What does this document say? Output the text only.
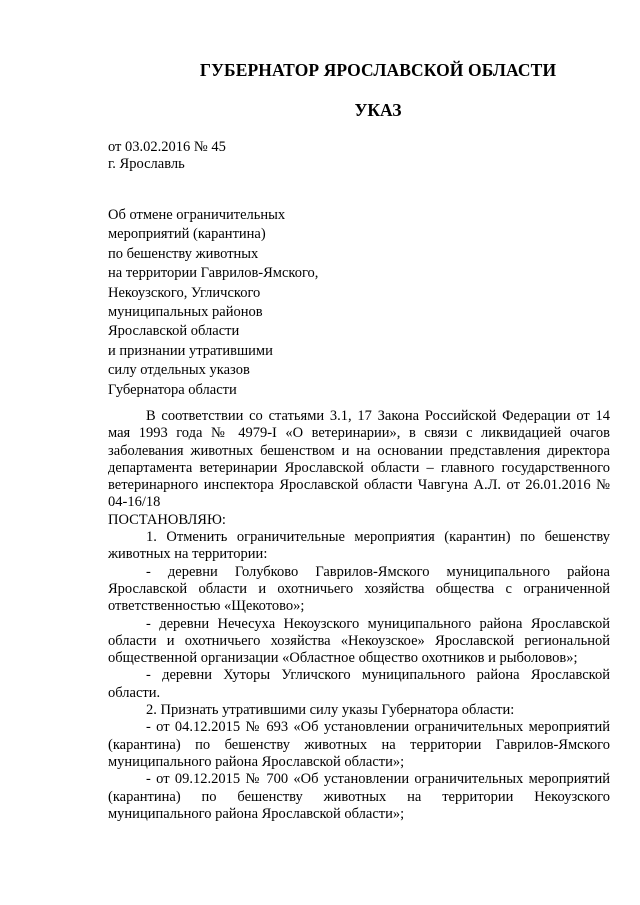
ГУБЕРНАТОР ЯРОСЛАВСКОЙ ОБЛАСТИ
УКАЗ
от 03.02.2016 № 45
г. Ярославль
Об отмене ограничительных
мероприятий (карантина)
по бешенству животных
на территории Гаврилов-Ямского,
Некоузского, Угличского
муниципальных районов
Ярославской области
и признании утратившими
силу отдельных указов
Губернатора области

В соответствии со статьями 3.1, 17 Закона Российской Федерации от 14 мая 1993 года № 4979-I «О ветеринарии», в связи с ликвидацией очагов заболевания животных бешенством и на основании представления директора департамента ветеринарии Ярославской области – главного государственного ветеринарного инспектора Ярославской области Чавгуна А.Л. от 26.01.2016 № 04-16/18

ПОСТАНОВЛЯЮ:

1. Отменить ограничительные мероприятия (карантин) по бешенству животных на территории:

- деревни Голубково Гаврилов-Ямского муниципального района Ярославской области и охотничьего хозяйства общества с ограниченной ответственностью «Щекотово»;

- деревни Нечесуха Некоузского муниципального района Ярославской области и охотничьего хозяйства «Некоузское» Ярославской региональной общественной организации «Областное общество охотников и рыболовов»;

- деревни Хуторы Угличского муниципального района Ярославской области.

2. Признать утратившими силу указы Губернатора области:

- от 04.12.2015 № 693 «Об установлении ограничительных мероприятий (карантина) по бешенству животных на территории Гаврилов-Ямского муниципального района Ярославской области»;

- от 09.12.2015 № 700 «Об установлении ограничительных мероприятий (карантина) по бешенству животных на территории Некоузского муниципального района Ярославской области»;
